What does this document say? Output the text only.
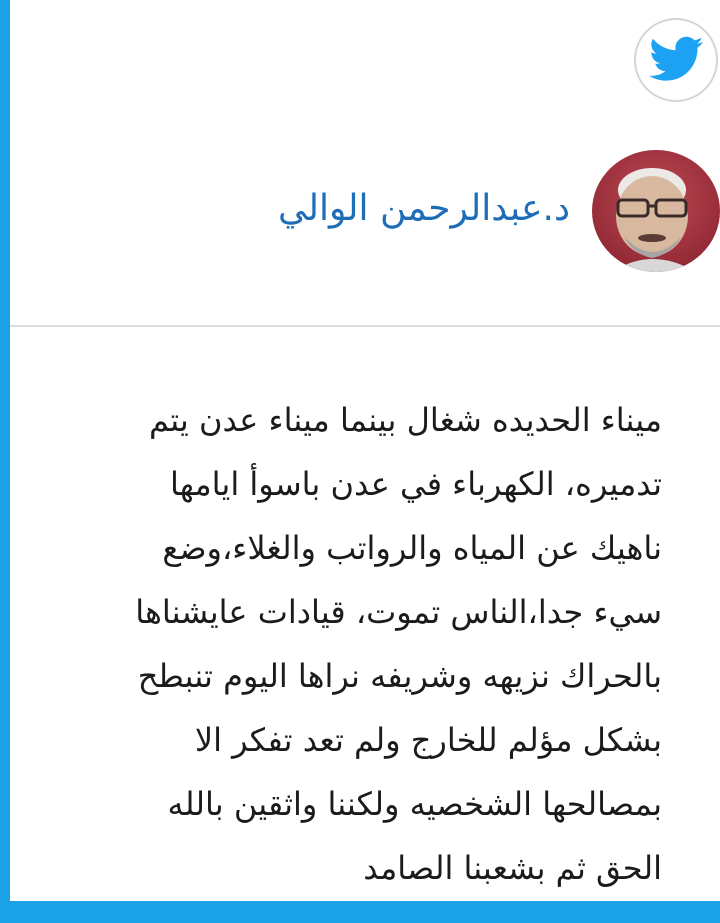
د.عبدالرحمن الوالي
ميناء الحديده شغال بينما ميناء عدن يتم
تدميره، الكهرباء في عدن باسوأ ايامها
ناهيك عن المياه والرواتب والغلاء،وضع
سيء جدا،الناس تموت، قيادات عايشناها
بالحراك نزيهه وشريفه نراها اليوم تنبطح
بشكل مؤلم للخارج ولم تعد تفكر الا
بمصالحها الشخصيه ولكننا واثقين بالله
الحق ثم بشعبنا الصامد
